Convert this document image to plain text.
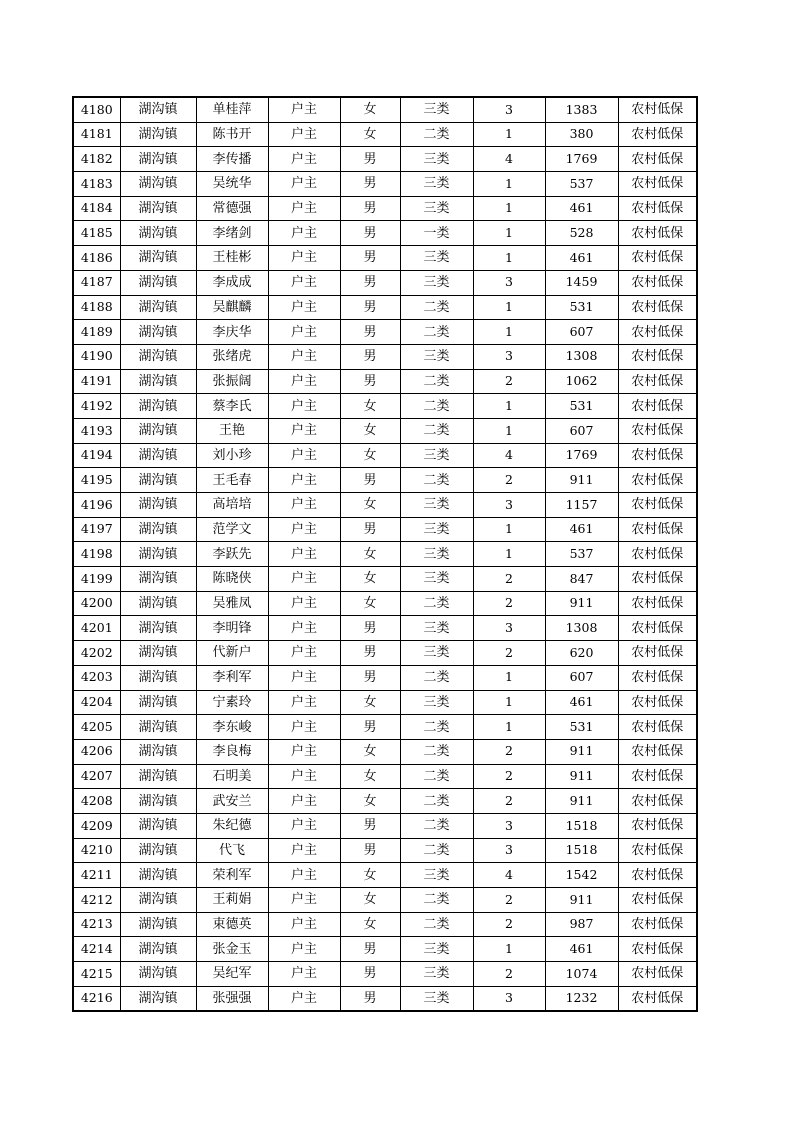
4180	湖沟镇	单桂萍	户主	女	三类	3	1383	农村低保
4181	湖沟镇	陈书开	户主	女	二类	1	380	农村低保
4182	湖沟镇	李传播	户主	男	三类	4	1769	农村低保
4183	湖沟镇	吴统华	户主	男	三类	1	537	农村低保
4184	湖沟镇	常德强	户主	男	三类	1	461	农村低保
4185	湖沟镇	李绪剑	户主	男	一类	1	528	农村低保
4186	湖沟镇	王桂彬	户主	男	三类	1	461	农村低保
4187	湖沟镇	李成成	户主	男	三类	3	1459	农村低保
4188	湖沟镇	吴麒麟	户主	男	二类	1	531	农村低保
4189	湖沟镇	李庆华	户主	男	二类	1	607	农村低保
4190	湖沟镇	张绪虎	户主	男	三类	3	1308	农村低保
4191	湖沟镇	张振阔	户主	男	二类	2	1062	农村低保
4192	湖沟镇	蔡李氏	户主	女	二类	1	531	农村低保
4193	湖沟镇	王艳	户主	女	二类	1	607	农村低保
4194	湖沟镇	刘小珍	户主	女	三类	4	1769	农村低保
4195	湖沟镇	王毛春	户主	男	二类	2	911	农村低保
4196	湖沟镇	高培培	户主	女	三类	3	1157	农村低保
4197	湖沟镇	范学文	户主	男	三类	1	461	农村低保
4198	湖沟镇	李跃先	户主	女	三类	1	537	农村低保
4199	湖沟镇	陈晓侠	户主	女	三类	2	847	农村低保
4200	湖沟镇	吴雅凤	户主	女	二类	2	911	农村低保
4201	湖沟镇	李明锋	户主	男	三类	3	1308	农村低保
4202	湖沟镇	代新户	户主	男	三类	2	620	农村低保
4203	湖沟镇	李利军	户主	男	二类	1	607	农村低保
4204	湖沟镇	宁素玲	户主	女	三类	1	461	农村低保
4205	湖沟镇	李东峻	户主	男	二类	1	531	农村低保
4206	湖沟镇	李良梅	户主	女	二类	2	911	农村低保
4207	湖沟镇	石明美	户主	女	二类	2	911	农村低保
4208	湖沟镇	武安兰	户主	女	二类	2	911	农村低保
4209	湖沟镇	朱纪德	户主	男	二类	3	1518	农村低保
4210	湖沟镇	代飞	户主	男	二类	3	1518	农村低保
4211	湖沟镇	荣利军	户主	女	三类	4	1542	农村低保
4212	湖沟镇	王莉娟	户主	女	二类	2	911	农村低保
4213	湖沟镇	束德英	户主	女	二类	2	987	农村低保
4214	湖沟镇	张金玉	户主	男	三类	1	461	农村低保
4215	湖沟镇	吴纪军	户主	男	三类	2	1074	农村低保
4216	湖沟镇	张强强	户主	男	三类	3	1232	农村低保
